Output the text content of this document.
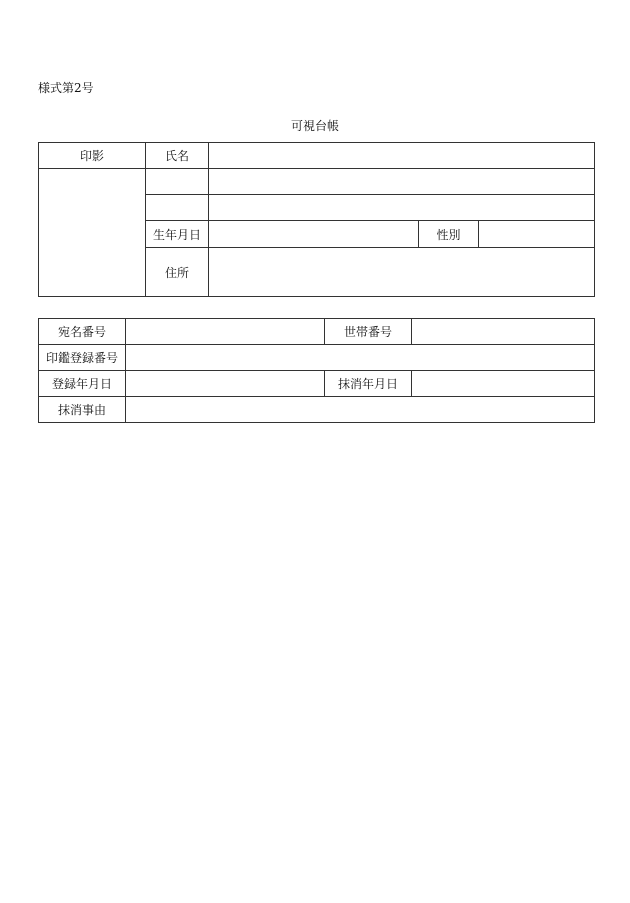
様式第2号
可視台帳
印影	氏名			

	生年月日		性別	
	住所			
宛名番号		世帯番号	
印鑑登録番号			
登録年月日		抹消年月日	
抹消事由			
